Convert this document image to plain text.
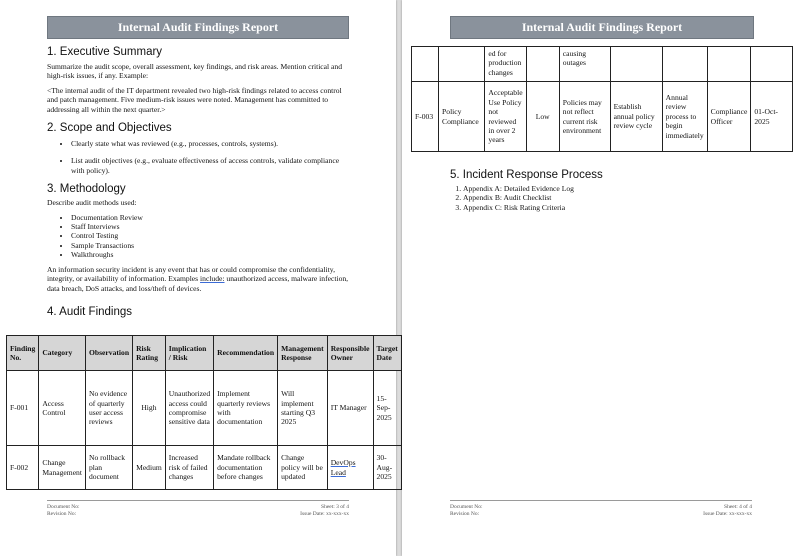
Internal Audit Findings Report
1. Executive Summary

Summarize the audit scope, overall assessment, key findings, and risk areas. Mention critical and high-risk issues, if any. Example:

<The internal audit of the IT department revealed two high-risk findings related to access control and patch management. Five medium-risk issues were noted. Management has committed to addressing all within the next quarter.>

2. Scope and Objectives
• Clearly state what was reviewed (e.g., processes, controls, systems).
• List audit objectives (e.g., evaluate effectiveness of access controls, validate compliance with policy).
3. Methodology

Describe audit methods used:

• Documentation Review
• Staff Interviews
• Control Testing
• Sample Transactions
• Walkthroughs

An information security incident is any event that has or could compromise the confidentiality, integrity, or availability of information. Examples include: unauthorized access, malware infection, data breach, DoS attacks, and loss/theft of devices.

4. Audit Findings
Finding No.	Category	Observation	Risk Rating	Implication / Risk	Recommendation	Management Response	Responsible Owner	Target Date
F-001	Access Control	No evidence of quarterly user access reviews	High	Unauthorized access could compromise sensitive data	Implement quarterly reviews with documentation	Will implement starting Q3 2025	IT Manager	15-Sep-2025
F-002	Change Management	No rollback plan document	Medium	Increased risk of failed changes	Mandate rollback documentation before changes	Change policy will be updated	DevOps Lead	30-Aug-2025
Document No:
Revision No:
Sheet: 3 of 4
Issue Date: xx-xxx-xx
Internal Audit Findings Report
5. Incident Response Process
1. Appendix A: Detailed Evidence Log
2. Appendix B: Audit Checklist
3. Appendix C: Risk Rating Criteria
Document No:
Revision No:
Sheet: 4 of 4
Issue Date: xx-xxx-xx
		ed for production changes		causing outages				
F-003	Policy Compliance	Acceptable Use Policy not reviewed in over 2 years	Low	Policies may not reflect current risk environment	Establish annual policy review cycle	Annual review process to begin immediately	Compliance Officer	01-Oct-2025
